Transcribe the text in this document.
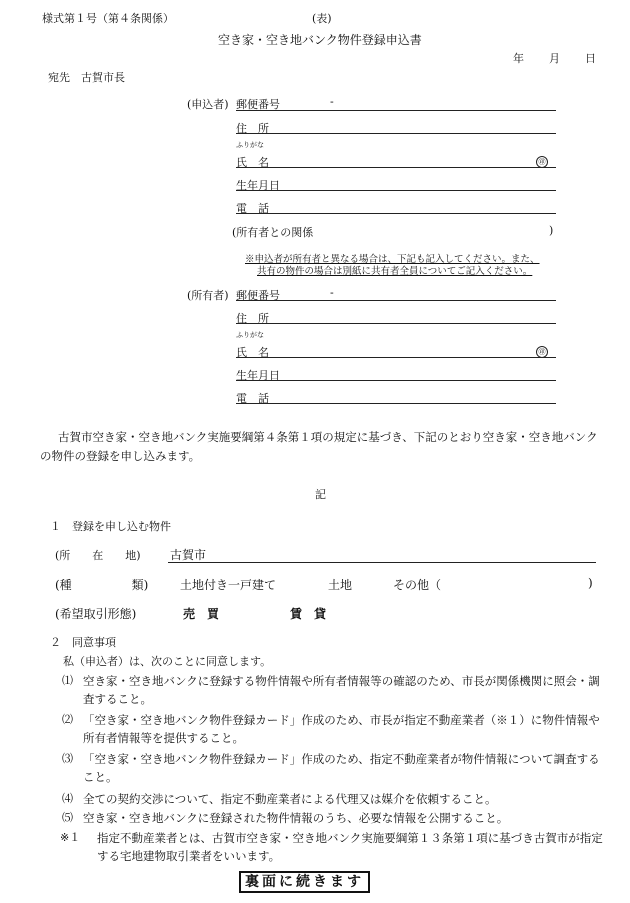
様式第１号（第４条関係）	(表)
空き家・空き地バンク物件登録申込書
年 月 日
宛先　古賀市長
(申込者) 郵便番号	-
住　所
ふりがな
氏　名	㊞
生年月日
電　話
(所有者との関係	)
※申込者が所有者と異なる場合は、下記も記入してください。また、
共有の物件の場合は別紙に共有者全員についてご記入ください。
(所有者) 郵便番号	-
住　所
ふりがな
氏　名	㊞
生年月日
電　話
古賀市空き家・空き地バンク実施要綱第４条第１項の規定に基づき、下記のとおり空き家・空き地バンクの物件の登録を申し込みます。
記
１　登録を申し込む物件
(所　　在　　地) 古賀市
(種　　　　　類)	土地付き一戸建て	土地	その他（	)
(希望取引形態)	売　買	賃　貸
２　同意事項
私（申込者）は、次のことに同意します。
⑴ 空き家・空き地バンクに登録する物件情報や所有者情報等の確認のため、市長が関係機関に照会・調査すること。
⑵ 「空き家・空き地バンク物件登録カード」作成のため、市長が指定不動産業者（※１）に物件情報や所有者情報等を提供すること。
⑶ 「空き家・空き地バンク物件登録カード」作成のため、指定不動産業者が物件情報について調査すること。
⑷ 全ての契約交渉について、指定不動産業者による代理又は媒介を依頼すること。
⑸ 空き家・空き地バンクに登録された物件情報のうち、必要な情報を公開すること。
※１ 指定不動産業者とは、古賀市空き家・空き地バンク実施要綱第１３条第１項に基づき古賀市が指定する宅地建物取引業者をいいます。
裏面に続きます
